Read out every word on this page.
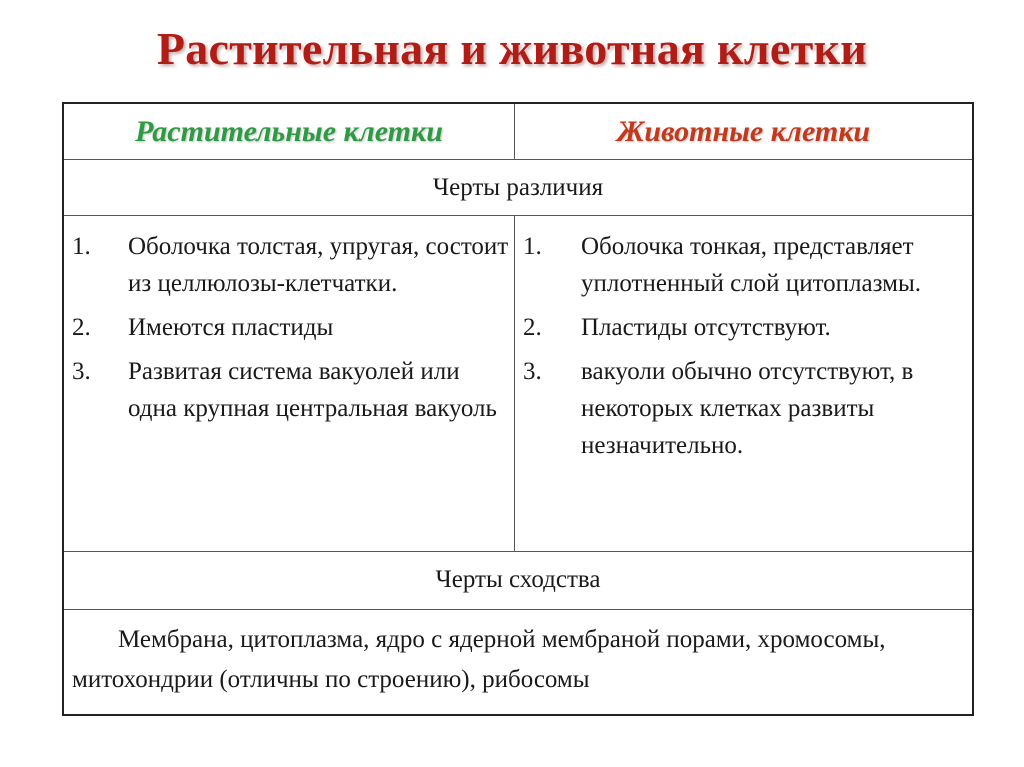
Растительная и животная клетки
Растительные клетки	Животные клетки
Черты различия
1. Оболочка толстая, упругая, состоит из целлюлозы-клетчатки.
2. Имеются пластиды
3. Развитая система вакуолей или одна крупная центральная вакуоль
1. Оболочка тонкая, представляет уплотненный слой цитоплазмы.
2. Пластиды отсутствуют.
3. вакуоли обычно отсутствуют, в некоторых клетках развиты незначительно.
Черты сходства
Мембрана, цитоплазма, ядро с ядерной мембраной порами, хромосомы, митохондрии (отличны по строению), рибосомы
